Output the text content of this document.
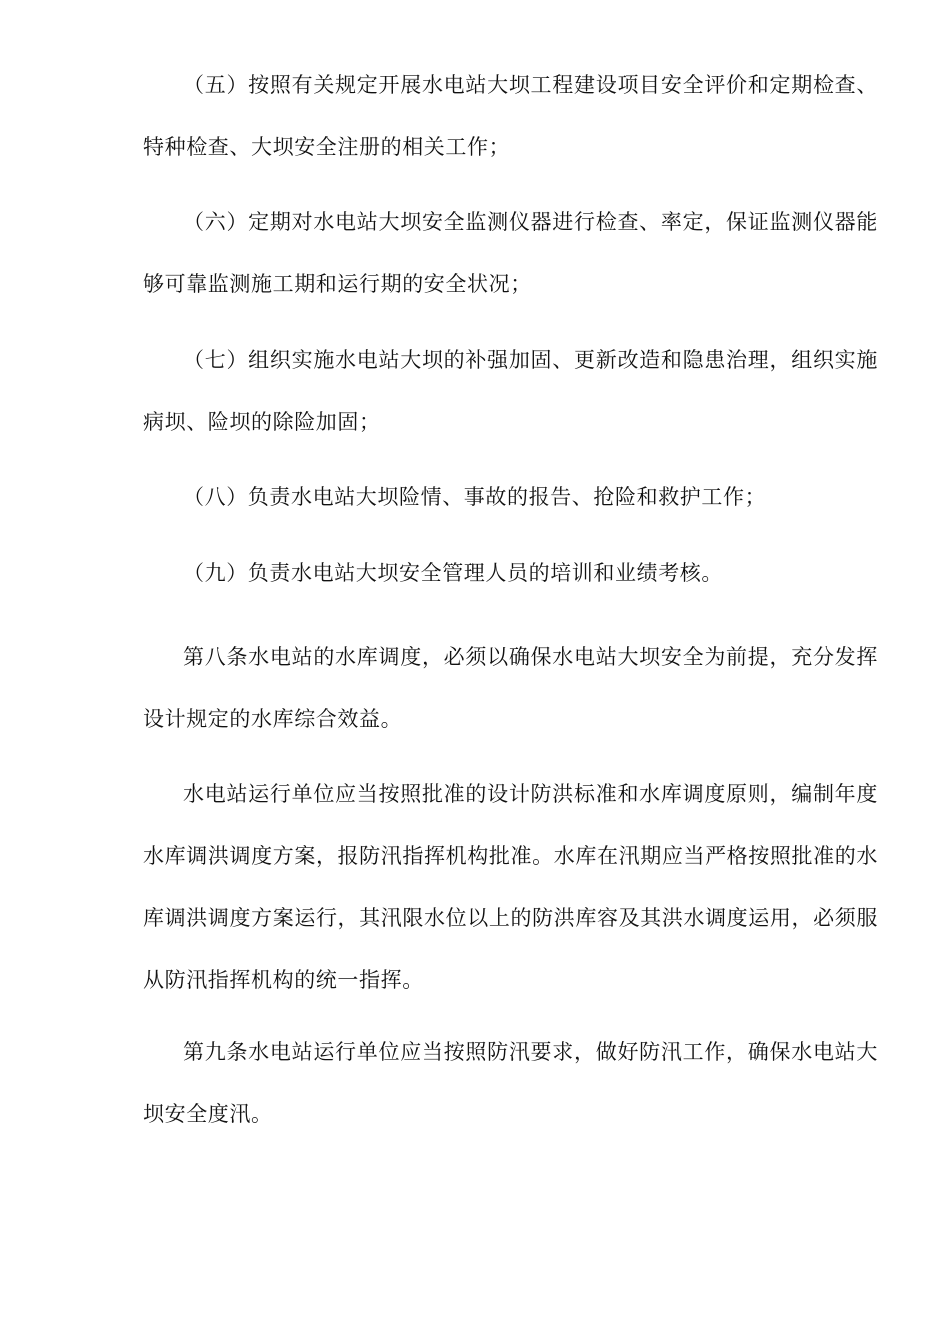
（五）按照有关规定开展水电站大坝工程建设项目安全评价和定期检查、特种检查、大坝安全注册的相关工作；

（六）定期对水电站大坝安全监测仪器进行检查、率定，保证监测仪器能够可靠监测施工期和运行期的安全状况；

（七）组织实施水电站大坝的补强加固、更新改造和隐患治理，组织实施病坝、险坝的除险加固；

（八）负责水电站大坝险情、事故的报告、抢险和救护工作；

（九）负责水电站大坝安全管理人员的培训和业绩考核。

第八条水电站的水库调度，必须以确保水电站大坝安全为前提，充分发挥设计规定的水库综合效益。

水电站运行单位应当按照批准的设计防洪标准和水库调度原则，编制年度水库调洪调度方案，报防汛指挥机构批准。水库在汛期应当严格按照批准的水库调洪调度方案运行，其汛限水位以上的防洪库容及其洪水调度运用，必须服从防汛指挥机构的统一指挥。

第九条水电站运行单位应当按照防汛要求，做好防汛工作，确保水电站大坝安全度汛。
